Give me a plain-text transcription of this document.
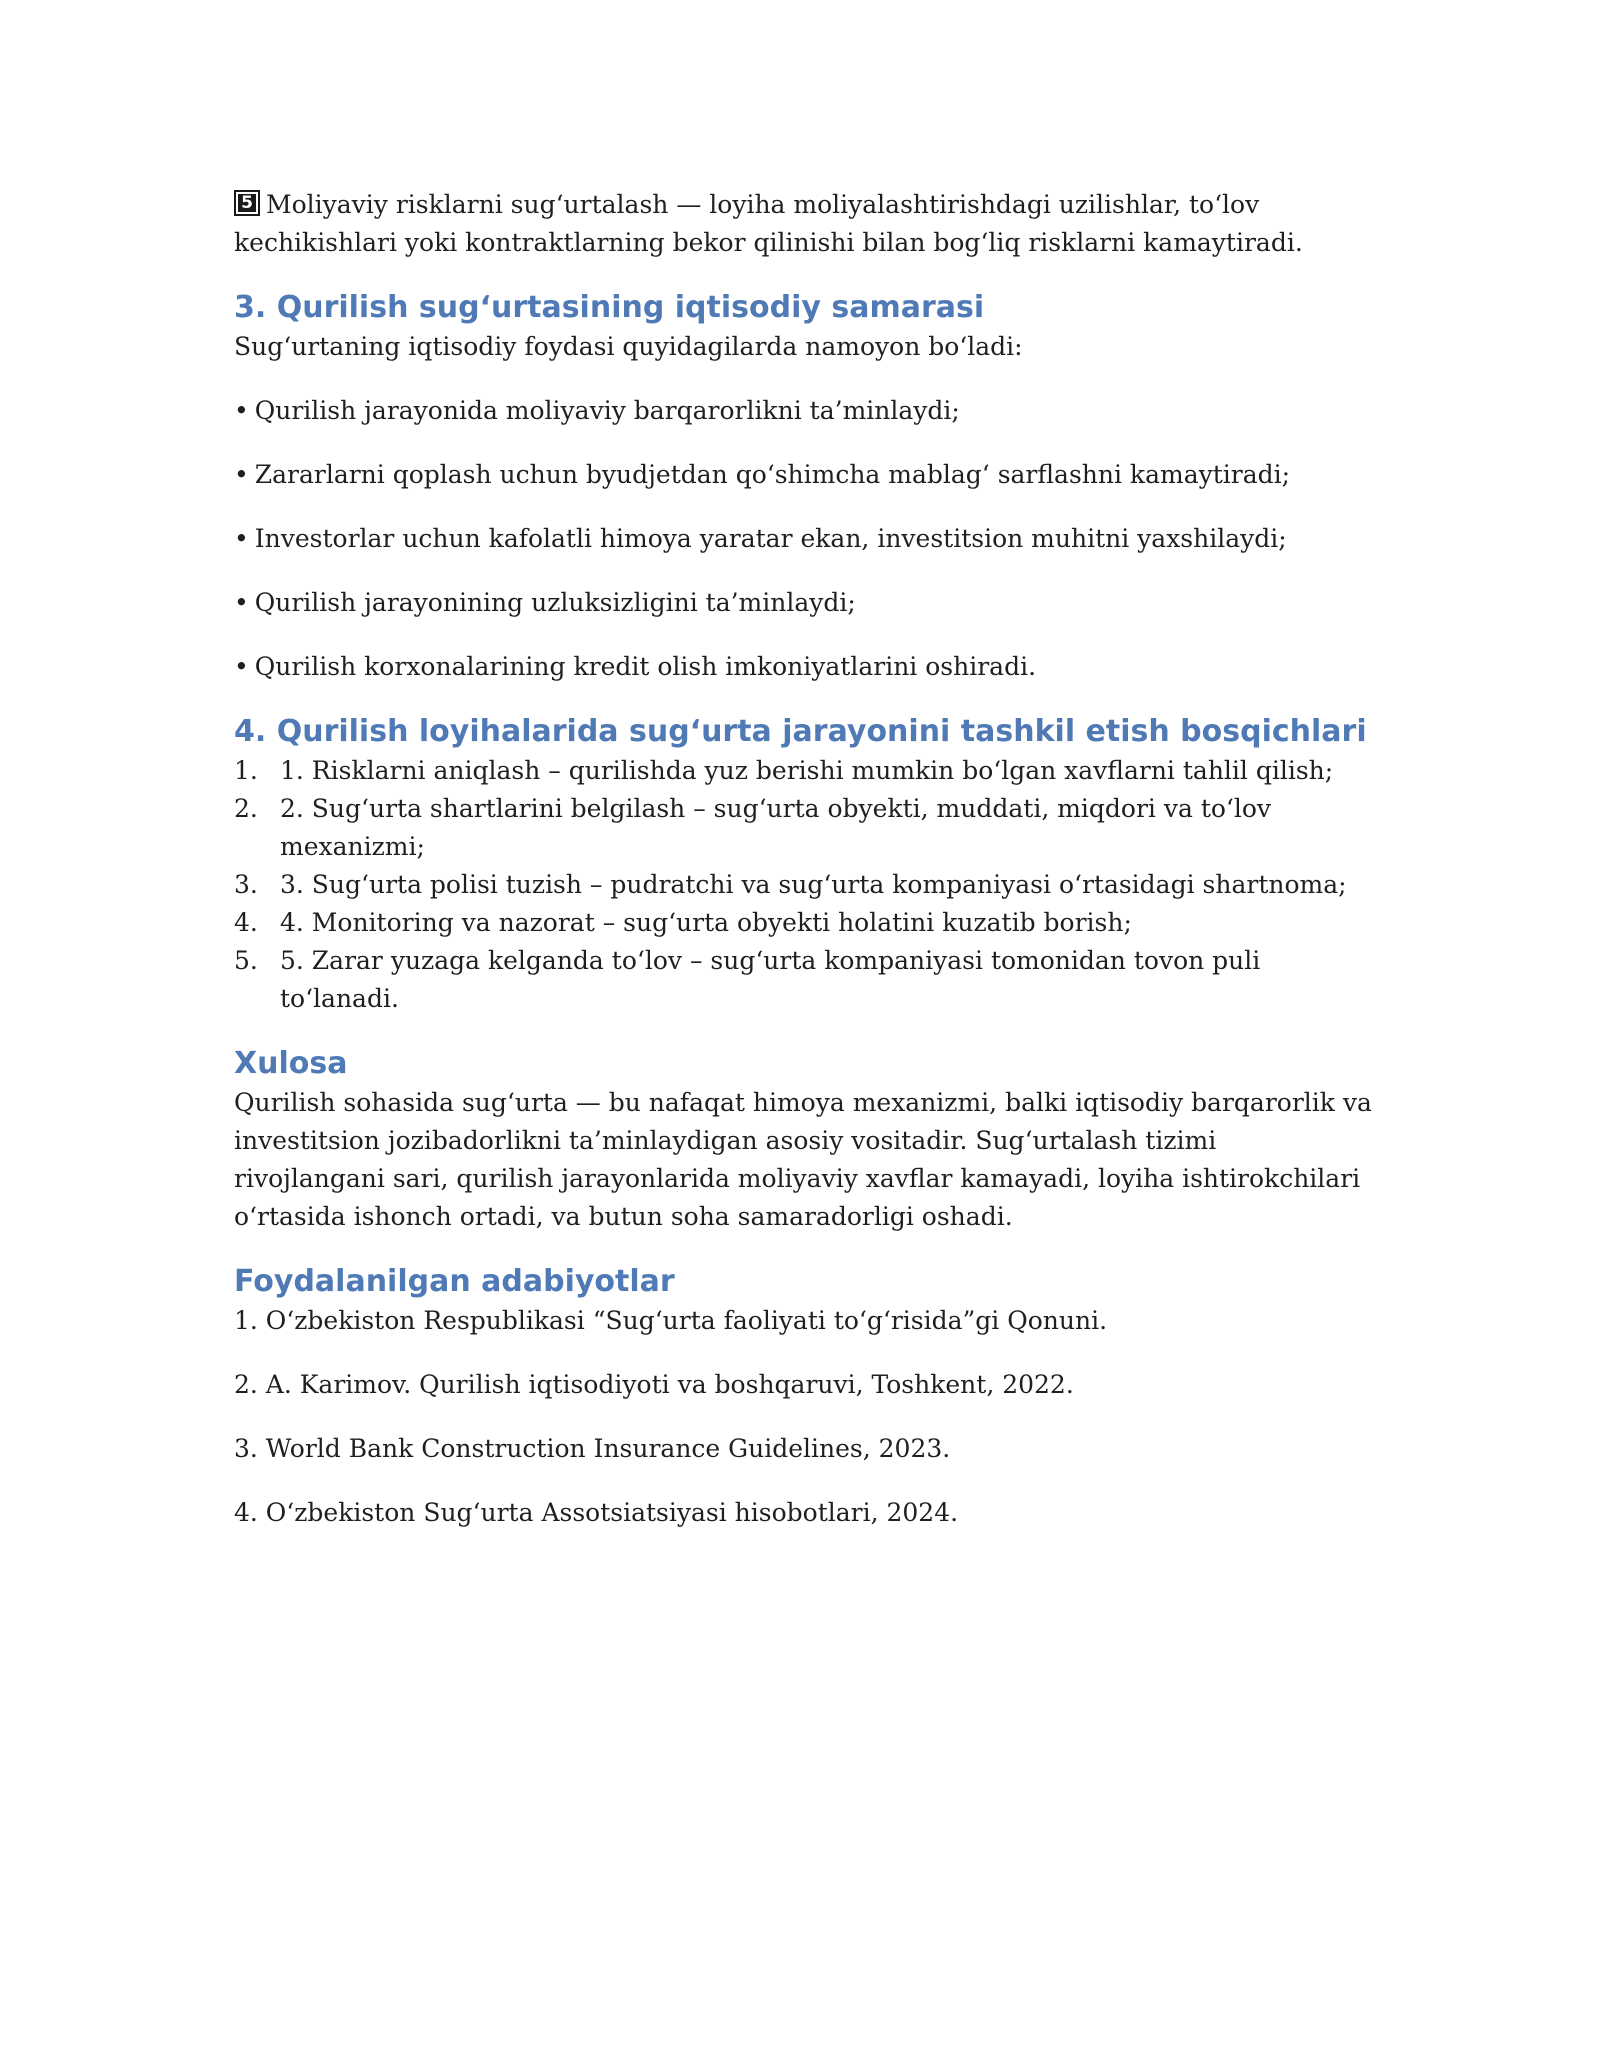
5 Moliyaviy risklarni sug‘urtalash — loyiha moliyalashtirishdagi uzilishlar, to‘lov kechikishlari yoki kontraktlarning bekor qilinishi bilan bog‘liq risklarni kamaytiradi.

3. Qurilish sug‘urtasining iqtisodiy samarasi

Sug‘urtaning iqtisodiy foydasi quyidagilarda namoyon bo‘ladi:

• Qurilish jarayonida moliyaviy barqarorlikni ta’minlaydi;
• Zararlarni qoplash uchun byudjetdan qo‘shimcha mablag‘ sarflashni kamaytiradi;
• Investorlar uchun kafolatli himoya yaratar ekan, investitsion muhitni yaxshilaydi;
• Qurilish jarayonining uzluksizligini ta’minlaydi;
• Qurilish korxonalarining kredit olish imkoniyatlarini oshiradi.
4. Qurilish loyihalarida sug‘urta jarayonini tashkil etish bosqichlari
1. 1. Risklarni aniqlash – qurilishda yuz berishi mumkin bo‘lgan xavflarni tahlil qilish;
2. 2. Sug‘urta shartlarini belgilash – sug‘urta obyekti, muddati, miqdori va to‘lov mexanizmi;
3. 3. Sug‘urta polisi tuzish – pudratchi va sug‘urta kompaniyasi o‘rtasidagi shartnoma;
4. 4. Monitoring va nazorat – sug‘urta obyekti holatini kuzatib borish;
5. 5. Zarar yuzaga kelganda to‘lov – sug‘urta kompaniyasi tomonidan tovon puli to‘lanadi.
Xulosa

Qurilish sohasida sug‘urta — bu nafaqat himoya mexanizmi, balki iqtisodiy barqarorlik va investitsion jozibadorlikni ta’minlaydigan asosiy vositadir. Sug‘urtalash tizimi rivojlangani sari, qurilish jarayonlarida moliyaviy xavflar kamayadi, loyiha ishtirokchilari o‘rtasida ishonch ortadi, va butun soha samaradorligi oshadi.

Foydalanilgan adabiyotlar

1. O‘zbekiston Respublikasi “Sug‘urta faoliyati to‘g‘risida”gi Qonuni.

2. A. Karimov. Qurilish iqtisodiyoti va boshqaruvi, Toshkent, 2022.

3. World Bank Construction Insurance Guidelines, 2023.

4. O‘zbekiston Sug‘urta Assotsiatsiyasi hisobotlari, 2024.
